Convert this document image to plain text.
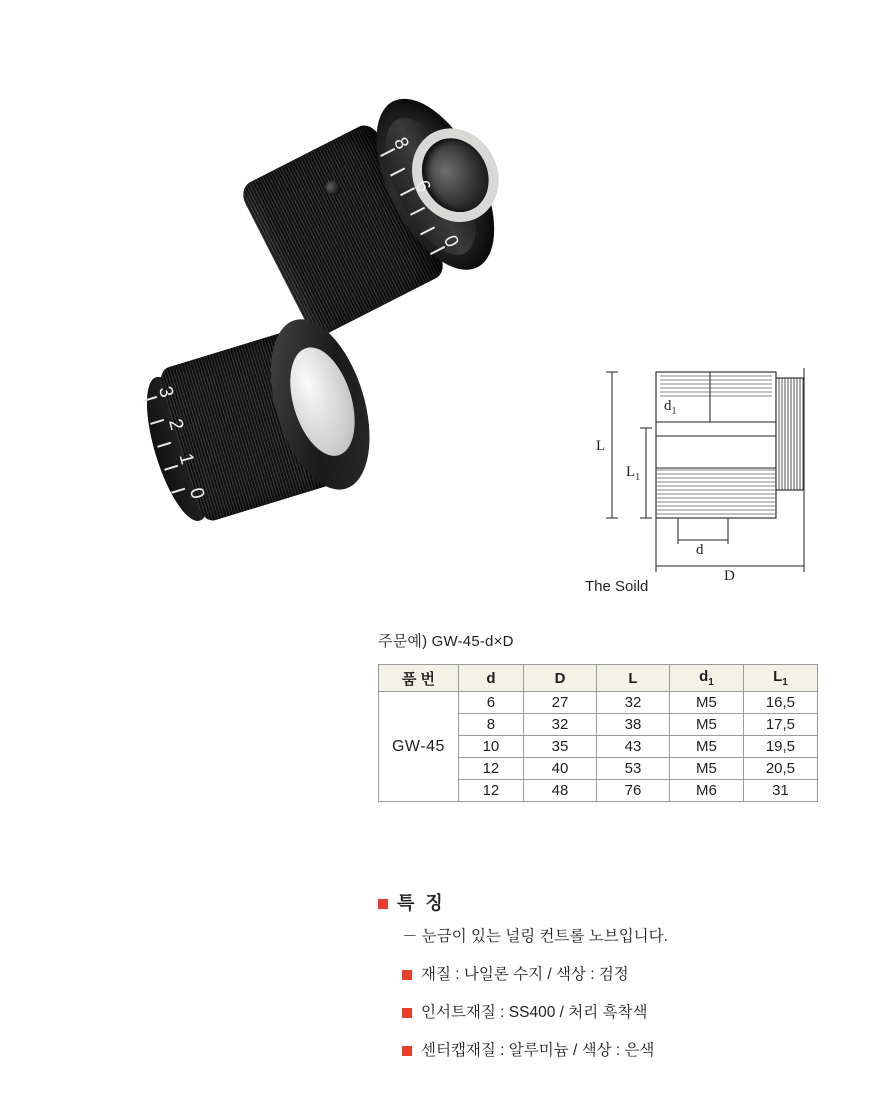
8
6
0
3
2
1
0
L
$L_1$
$d_1$
d
D
The Soild
주문예) GW-45-d×D
품 번	d	D	L	$d_1$	$L_1$
GW-45	6	27	32	M5	16,5
	8	32	38	M5	17,5
	10	35	43	M5	19,5
	12	40	53	M5	20,5
	12	48	76	M6	31
특 징
－ 눈금이 있는 널링 컨트롤 노브입니다.
재질 : 나일론 수지 / 색상 : 검정
인서트재질 : SS400 / 처리 흑착색
센터캡재질 : 알루미늄 / 색상 : 은색
